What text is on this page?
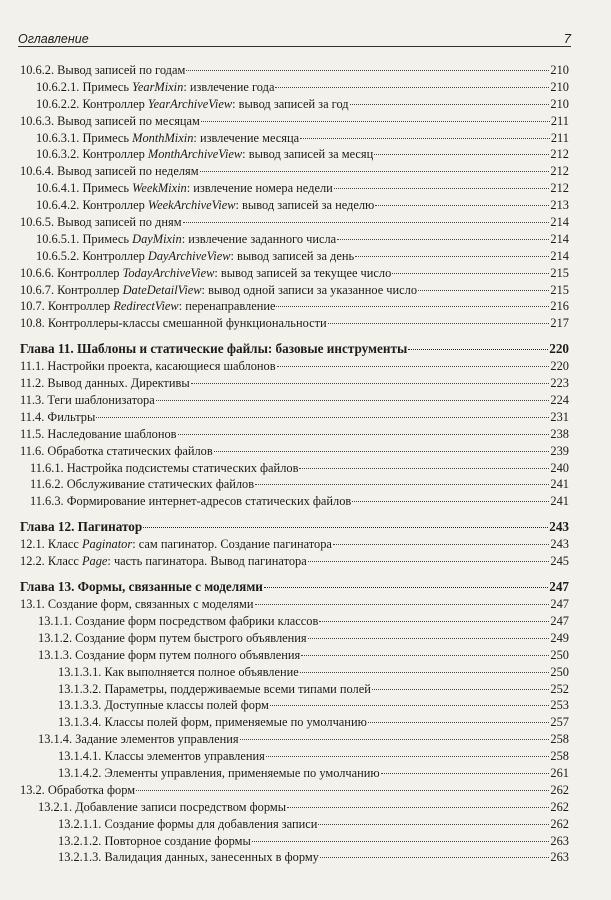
Оглавление	7
10.6.2. Вывод записей по годам	210
10.6.2.1. Примесь YearMixin: извлечение года	210
10.6.2.2. Контроллер YearArchiveView: вывод записей за год	210
10.6.3. Вывод записей по месяцам	211
10.6.3.1. Примесь MonthMixin: извлечение месяца	211
10.6.3.2. Контроллер MonthArchiveView: вывод записей за месяц	212
10.6.4. Вывод записей по неделям	212
10.6.4.1. Примесь WeekMixin: извлечение номера недели	212
10.6.4.2. Контроллер WeekArchiveView: вывод записей за неделю	213
10.6.5. Вывод записей по дням	214
10.6.5.1. Примесь DayMixin: извлечение заданного числа	214
10.6.5.2. Контроллер DayArchiveView: вывод записей за день	214
10.6.6. Контроллер TodayArchiveView: вывод записей за текущее число	215
10.6.7. Контроллер DateDetailView: вывод одной записи за указанное число	215
10.7. Контроллер RedirectView: перенаправление	216
10.8. Контроллеры-классы смешанной функциональности	217
Глава 11. Шаблоны и статические файлы: базовые инструменты	220
11.1. Настройки проекта, касающиеся шаблонов	220
11.2. Вывод данных. Директивы	223
11.3. Теги шаблонизатора	224
11.4. Фильтры	231
11.5. Наследование шаблонов	238
11.6. Обработка статических файлов	239
11.6.1. Настройка подсистемы статических файлов	240
11.6.2. Обслуживание статических файлов	241
11.6.3. Формирование интернет-адресов статических файлов	241
Глава 12. Пагинатор	243
12.1. Класс Paginator: сам пагинатор. Создание пагинатора	243
12.2. Класс Page: часть пагинатора. Вывод пагинатора	245
Глава 13. Формы, связанные с моделями	247
13.1. Создание форм, связанных с моделями	247
13.1.1. Создание форм посредством фабрики классов	247
13.1.2. Создание форм путем быстрого объявления	249
13.1.3. Создание форм путем полного объявления	250
13.1.3.1. Как выполняется полное объявление	250
13.1.3.2. Параметры, поддерживаемые всеми типами полей	252
13.1.3.3. Доступные классы полей форм	253
13.1.3.4. Классы полей форм, применяемые по умолчанию	257
13.1.4. Задание элементов управления	258
13.1.4.1. Классы элементов управления	258
13.1.4.2. Элементы управления, применяемые по умолчанию	261
13.2. Обработка форм	262
13.2.1. Добавление записи посредством формы	262
13.2.1.1. Создание формы для добавления записи	262
13.2.1.2. Повторное создание формы	263
13.2.1.3. Валидация данных, занесенных в форму	263
